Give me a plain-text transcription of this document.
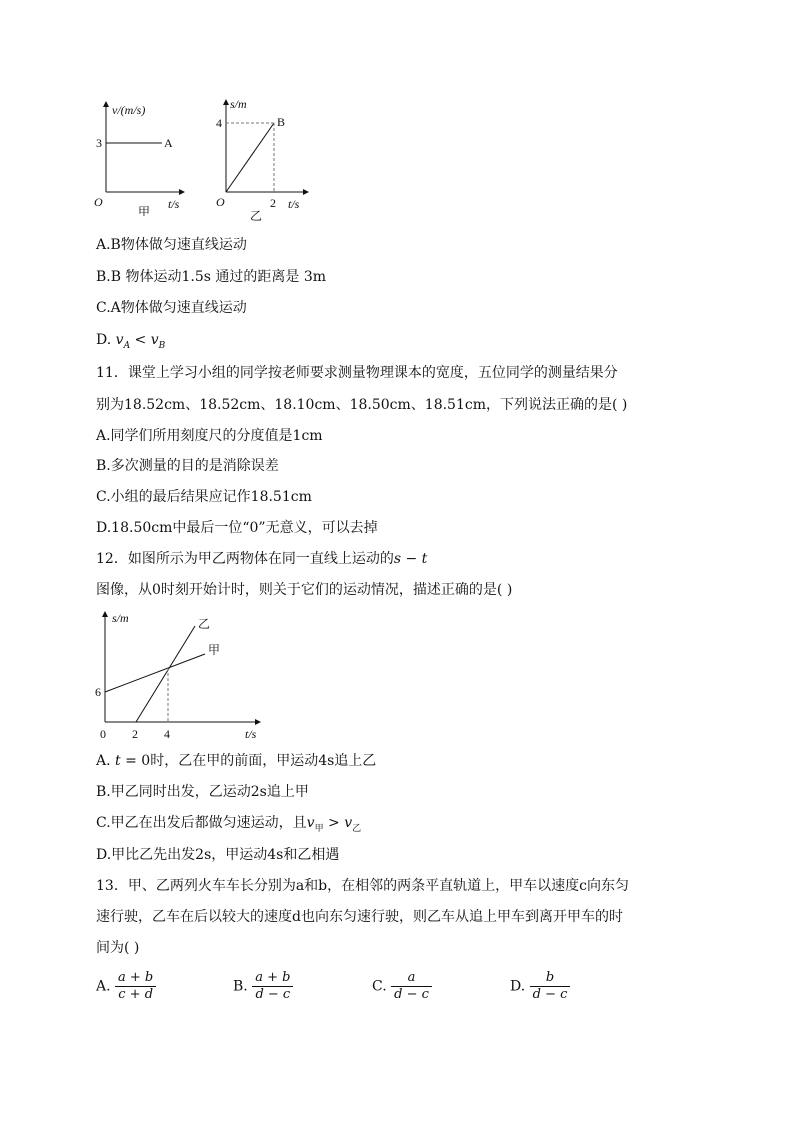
v/(m/s)
t/s
O
3	A
甲
s/m
t/s
O
4
2
B
乙
A.B物体做匀速直线运动
B.B 物体运动1.5s 通过的距离是 3m
C.A物体做匀速直线运动
D. $v_A < v_B$
11．课堂上学习小组的同学按老师要求测量物理课本的宽度，五位同学的测量结果分
别为18.52cm、18.52cm、18.10cm、18.50cm、18.51cm，下列说法正确的是( )
A.同学们所用刻度尺的分度值是1cm
B.多次测量的目的是消除误差
C.小组的最后结果应记作18.51cm
D.18.50cm中最后一位“0”无意义，可以去掉
12．如图所示为甲乙两物体在同一直线上运动的s − t
图像，从0时刻开始计时，则关于它们的运动情况，描述正确的是( )
s/m
t/s
0
6
2 4
乙
甲
A. t = 0时，乙在甲的前面，甲运动4s追上乙
B.甲乙同时出发，乙运动2s追上甲
C.甲乙在出发后都做匀速运动，且$v_甲 > v_乙$
D.甲比乙先出发2s，甲运动4s和乙相遇
13．甲、乙两列火车车长分别为a和b，在相邻的两条平直轨道上，甲车以速度c向东匀
速行驶，乙车在后以较大的速度d也向东匀速行驶，则乙车从追上甲车到离开甲车的时
间为( )
A. $\frac{a + b}{c + d}$	B. $\frac{a + b}{d - c}$	C. $\frac{a}{d - c}$	D. $\frac{b}{d - c}$
